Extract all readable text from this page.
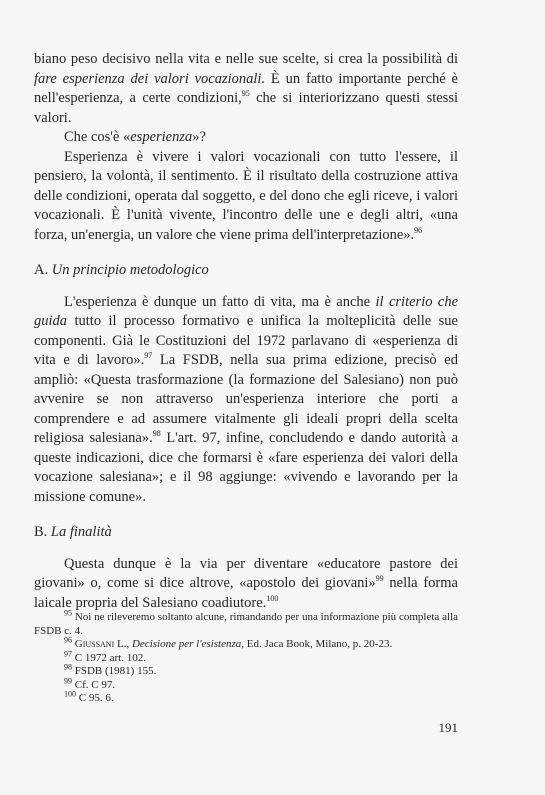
biano peso decisivo nella vita e nelle sue scelte, si crea la possibilità di fare esperienza dei valori vocazionali. È un fatto importante perché è nell'esperienza, a certe condizioni,$^{95}$ che si interiorizzano questi stessi valori.

Che cos'è «esperienza»?

Esperienza è vivere i valori vocazionali con tutto l'essere, il pensiero, la volontà, il sentimento. È il risultato della costruzione attiva delle condizioni, operata dal soggetto, e del dono che egli riceve, i valori vocazionali. È l'unità vivente, l'incontro delle une e degli altri, «una forza, un'energia, un valore che viene prima dell'interpretazione».$^{96}$

A. Un principio metodologico

L'esperienza è dunque un fatto di vita, ma è anche il criterio che guida tutto il processo formativo e unifica la molteplicità delle sue componenti. Già le Costituzioni del 1972 parlavano di «esperienza di vita e di lavoro».$^{97}$ La FSDB, nella sua prima edizione, precisò ed ampliò: «Questa trasformazione (la formazione del Salesiano) non può avvenire se non attraverso un'esperienza interiore che porti a comprendere e ad assumere vitalmente gli ideali propri della scelta religiosa salesiana».$^{98}$ L'art. 97, infine, concludendo e dando autorità a queste indicazioni, dice che formarsi è «fare esperienza dei valori della vocazione salesiana»; e il 98 aggiunge: «vivendo e lavorando per la missione comune».

B. La finalità

Questa dunque è la via per diventare «educatore pastore dei giovani» o, come si dice altrove, «apostolo dei giovani»$^{99}$ nella forma laicale propria del Salesiano coadiutore.$^{100}$

$^{95}$ Noi ne rileveremo soltanto alcune, rimandando per una informazione più completa alla FSDB c. 4.

$^{96}$ Giussani L., Decisione per l'esistenza, Ed. Jaca Book, Milano, p. 20-23.

$^{97}$ C 1972 art. 102.

$^{98}$ FSDB (1981) 155.

$^{99}$ Cf. C 97.

$^{100}$ C 95. 6.

191
